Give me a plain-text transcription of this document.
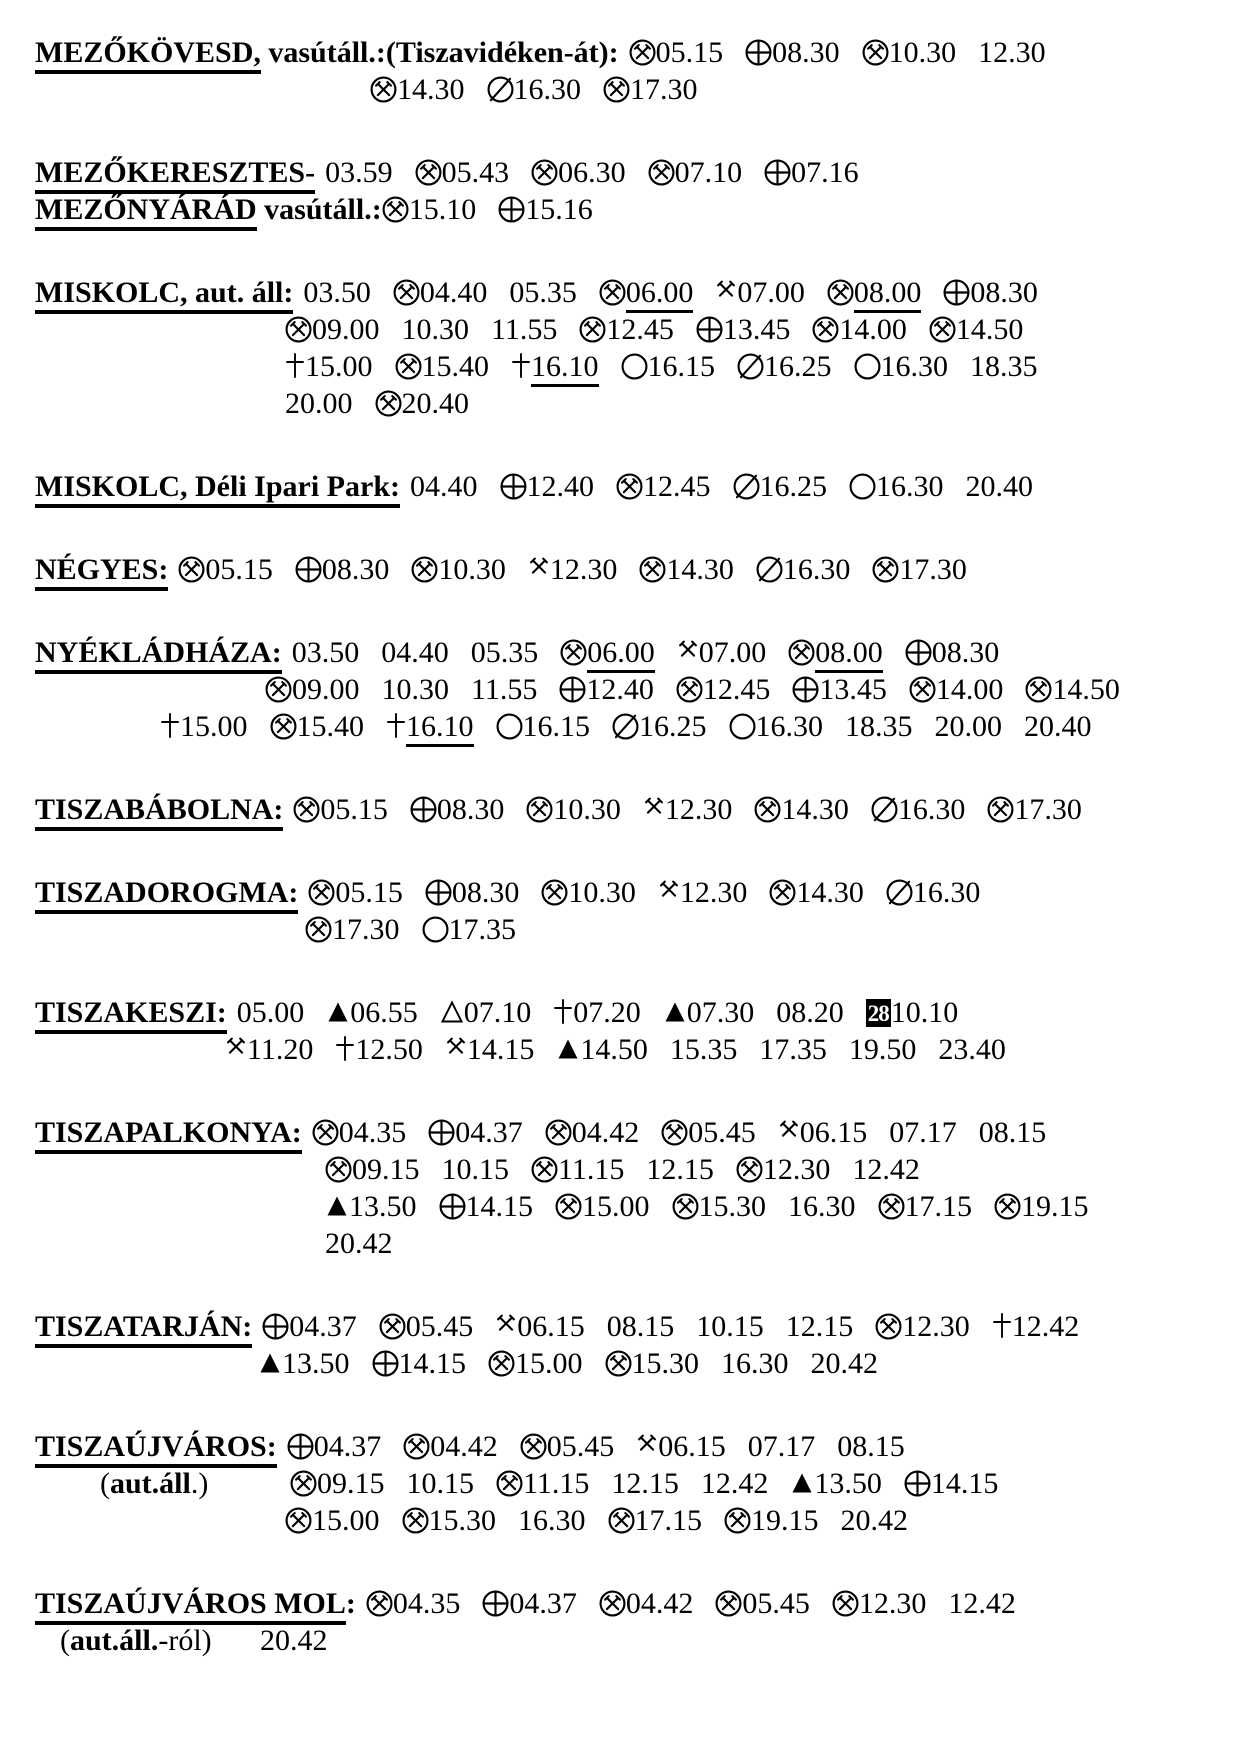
MEZŐKÖVESD, vasútáll.:(Tiszavidéken-át): 05.15 08.30 10.30 12.30
14.30 16.30 17.30
MEZŐKERESZTES- 03.59 05.43 06.30 07.10 07.16
MEZŐNYÁRÁD vasútáll.: 15.10 15.16
MISKOLC, aut. áll: 03.50 04.40 05.35 06.00 07.00 08.00 08.30
09.00 10.30 11.55 12.45 13.45 14.00 14.50
15.00 15.40 16.10 16.15 16.25 16.30 18.35
20.00 20.40
MISKOLC, Déli Ipari Park: 04.40 12.40 12.45 16.25 16.30 20.40
NÉGYES: 05.15 08.30 10.30 12.30 14.30 16.30 17.30
NYÉKLÁDHÁZA: 03.50 04.40 05.35 06.00 07.00 08.00 08.30
09.00 10.30 11.55 12.40 12.45 13.45 14.00 14.50
15.00 15.40 16.10 16.15 16.25 16.30 18.35 20.00 20.40
TISZABÁBOLNA: 05.15 08.30 10.30 12.30 14.30 16.30 17.30
TISZADOROGMA: 05.15 08.30 10.30 12.30 14.30 16.30
17.30 17.35
TISZAKESZI: 05.00 06.55 07.10 07.20 07.30 08.20 2810.10
11.20 12.50 14.15 14.50 15.35 17.35 19.50 23.40
TISZAPALKONYA: 04.35 04.37 04.42 05.45 06.15 07.17 08.15
09.15 10.15 11.15 12.15 12.30 12.42
13.50 14.15 15.00 15.30 16.30 17.15 19.15
20.42
TISZATARJÁN: 04.37 05.45 06.15 08.15 10.15 12.15 12.30 12.42
13.50 14.15 15.00 15.30 16.30 20.42
TISZAÚJVÁROS: 04.37 04.42 05.45 06.15 07.17 08.15
(aut.áll.)	09.15 10.15 11.15 12.15 12.42 13.50 14.15
15.00 15.30 16.30 17.15 19.15 20.42
TISZAÚJVÁROS MOL: 04.35 04.37 04.42 05.45 12.30 12.42
(aut.áll.-ról) 20.42
